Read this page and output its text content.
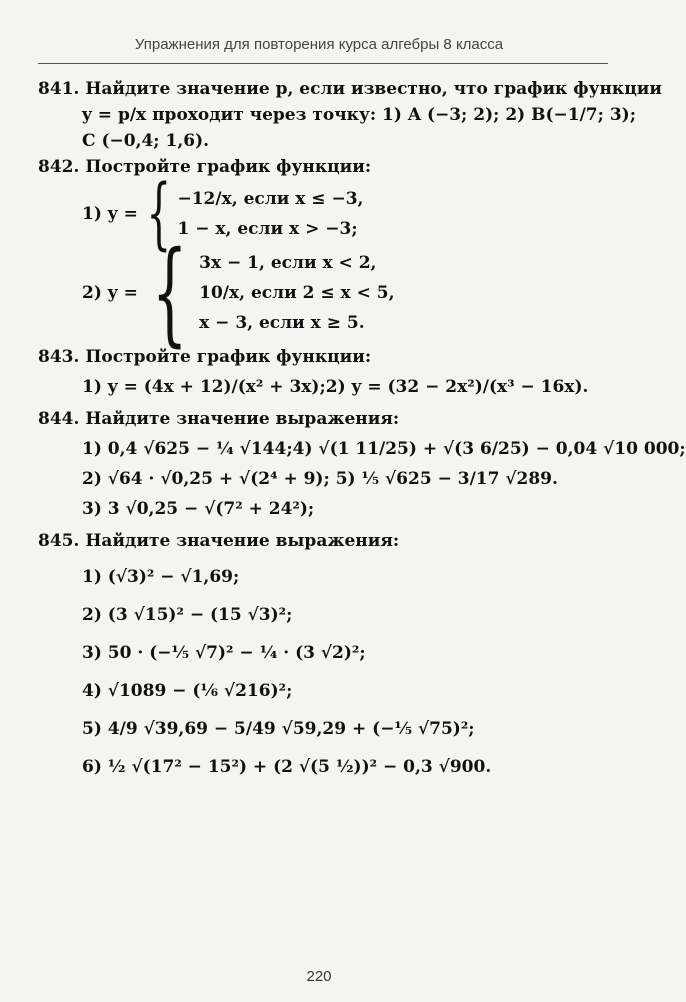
Упражнения для повторения курса алгебры 8 класса
841. Найдите значение p, если известно, что график функции
y = p/x проходит через точку: 1) A (−3; 2); 2) B(−1/7; 3);
C (−0,4; 1,6).
842. Постройте график функции:
1) y = { −12/x, если x ≤ −3,
1 − x, если x > −3;
2) y = { 3x − 1, если x < 2,
10/x, если 2 ≤ x < 5,
x − 3, если x ≥ 5.
843. Постройте график функции:
1) y = (4x + 12)/(x² + 3x); 2) y = (32 − 2x²)/(x³ − 16x).
844. Найдите значение выражения:
1) 0,4 √625 − ¼ √144; 4) √(1 11/25) + √(3 6/25) − 0,04 √10 000;
2) √64 · √0,25 + √(2⁴ + 9); 5) ⅕ √625 − 3/17 √289.
3) 3 √0,25 − √(7² + 24²);
845. Найдите значение выражения:
1) (√3)² − √1,69;
2) (3 √15)² − (15 √3)²;
3) 50 · (−⅕ √7)² − ¼ · (3 √2)²;
4) √1089 − (⅙ √216)²;
5) 4/9 √39,69 − 5/49 √59,29 + (−⅕ √75)²;
6) ½ √(17² − 15²) + (2 √(5 ½))² − 0,3 √900.
220
